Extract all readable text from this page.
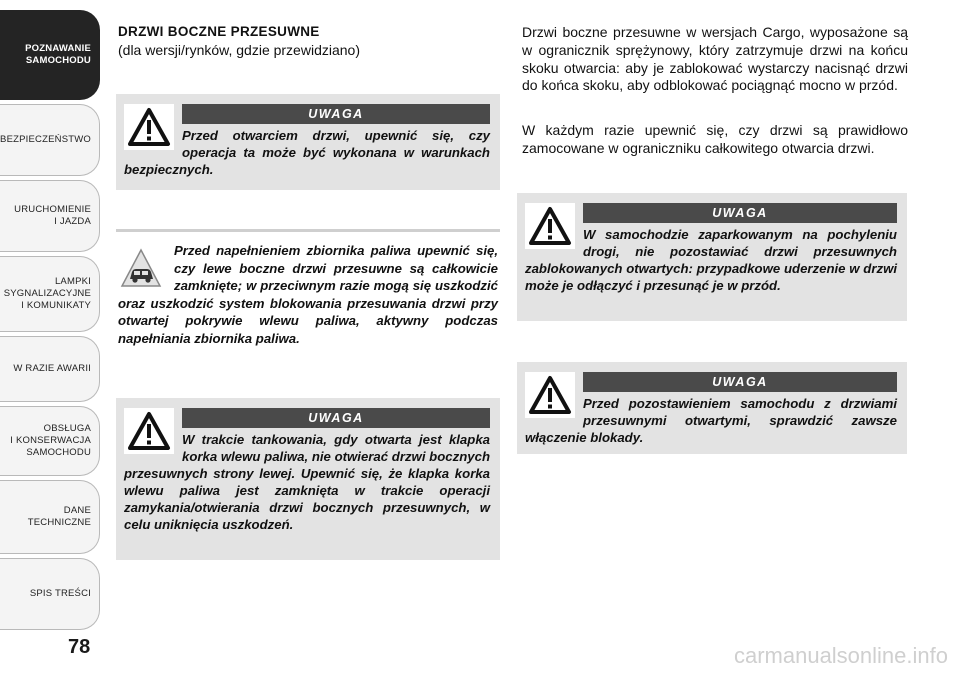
POZNAWANIE
SAMOCHODU
BEZPIECZEŃSTWO
URUCHOMIENIE
I JAZDA
LAMPKI
SYGNALIZACYJNE
I KOMUNIKATY
W RAZIE AWARII
OBSŁUGA
I KONSERWACJA
SAMOCHODU
DANE
TECHNICZNE
SPIS TREŚCI
78
DRZWI BOCZNE PRZESUWNE
(dla wersji/rynków, gdzie przewidziano)
UWAGA

Przed otwarciem drzwi, upewnić się, czy operacja ta może być wykonana w warunkach bezpiecznych.

Przed napełnieniem zbiornika paliwa upewnić się, czy lewe boczne drzwi przesuwne są całkowicie zamknięte; w przeciwnym razie mogą się uszkodzić oraz uszkodzić system blokowania przesuwania drzwi przy otwartej pokrywie wlewu paliwa, aktywny podczas napełniania zbiornika paliwa.

UWAGA

W trakcie tankowania, gdy otwarta jest klapka korka wlewu paliwa, nie otwierać drzwi bocznych przesuwnych strony lewej. Upewnić się, że klapka korka wlewu paliwa jest zamknięta w trakcie operacji zamykania/otwierania drzwi bocznych przesuwnych, w celu uniknięcia uszkodzeń.

Drzwi boczne przesuwne w wersjach Cargo, wyposażone są w ogranicznik sprężynowy, który zatrzymuje drzwi na końcu skoku otwarcia: aby je zablokować wystarczy nacisnąć drzwi do końca skoku, aby odblokować pociągnąć mocno w przód.

W każdym razie upewnić się, czy drzwi są prawidłowo zamocowane w ograniczniku całkowitego otwarcia drzwi.

UWAGA

W samochodzie zaparkowanym na pochyleniu drogi, nie pozostawiać drzwi przesuwnych zablokowanych otwartych: przypadkowe uderzenie w drzwi może je odłączyć i przesunąć je w przód.

UWAGA

Przed pozostawieniem samochodu z drzwiami przesuwnymi otwartymi, sprawdzić zawsze włączenie blokady.

carmanualsonline.info
